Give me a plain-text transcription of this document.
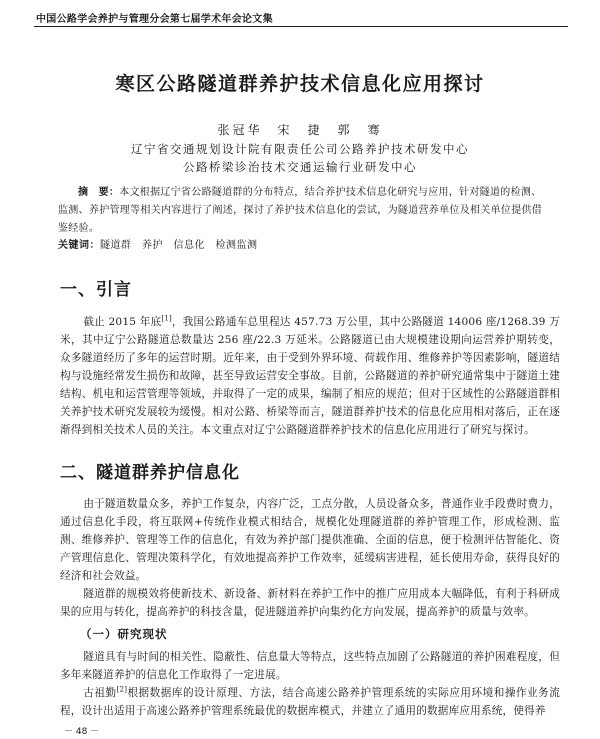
中国公路学会养护与管理分会第七届学术年会论文集
寒区公路隧道群养护技术信息化应用探讨
张冠华　宋　捷　郭　骞
辽宁省交通规划设计院有限责任公司公路养护技术研发中心
公路桥梁诊治技术交通运输行业研发中心
摘　要：本文根据辽宁省公路隧道群的分布特点，结合养护技术信息化研究与应用，针对隧道的检测、监测、养护管理等相关内容进行了阐述，探讨了养护技术信息化的尝试，为隧道营养单位及相关单位提供借鉴经验。
关键词：隧道群　养护　信息化　检测监测
一、引言
截止 2015 年底[1]，我国公路通车总里程达 457.73 万公里，其中公路隧道 14006 座/1268.39 万米，其中辽宁公路隧道总数量达 256 座/22.3 万延米。公路隧道已由大规模建设期向运营养护期转变，众多隧道经历了多年的运营时期。近年来，由于受到外界环境、荷载作用、维修养护等因素影响，隧道结构与设施经常发生损伤和故障，甚至导致运营安全事故。目前，公路隧道的养护研究通常集中于隧道土建结构、机电和运营管理等领域，并取得了一定的成果，编制了相应的规范；但对于区域性的公路隧道群相关养护技术研究发展较为缓慢。相对公路、桥梁等而言，隧道群养护技术的信息化应用相对落后，正在逐渐得到相关技术人员的关注。本文重点对辽宁公路隧道群养护技术的信息化应用进行了研究与探讨。
二、隧道群养护信息化
由于隧道数量众多，养护工作复杂，内容广泛，工点分散，人员设备众多，普通作业手段费时费力，通过信息化手段，将互联网+传统作业模式相结合，规模化处理隧道群的养护管理工作，形成检测、监测、维修养护、管理等工作的信息化，有效为养护部门提供准确、全面的信息，便于检测评估智能化、资产管理信息化、管理决策科学化，有效地提高养护工作效率，延缓病害进程，延长使用寿命，获得良好的经济和社会效益。
隧道群的规模效将使新技术、新设备、新材料在养护工作中的推广应用成本大幅降低，有利于科研成果的应用与转化，提高养护的科技含量，促进隧道养护向集约化方向发展，提高养护的质量与效率。
（一）研究现状
隧道具有与时间的相关性、隐蔽性、信息量大等特点，这些特点加剧了公路隧道的养护困难程度，但多年来隧道养护的信息化工作取得了一定进展。
古祖勤[2]根据数据库的设计原理、方法，结合高速公路养护管理系统的实际应用环境和操作业务流程，设计出适用于高速公路养护管理系统最优的数据库模式，并建立了通用的数据库应用系统，使得养
－ 48 －
